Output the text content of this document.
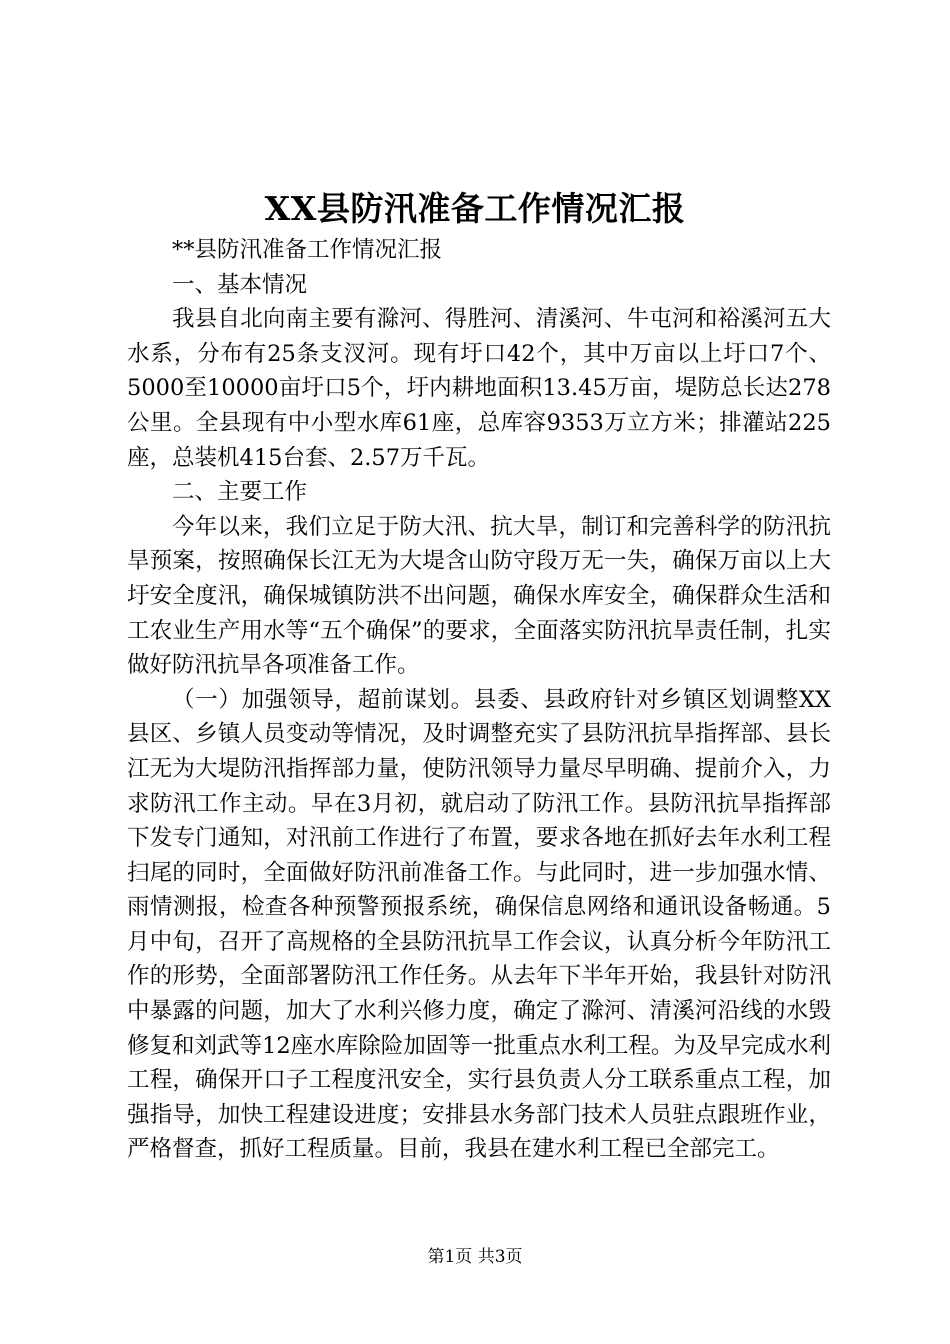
XX县防汛准备工作情况汇报

**县防汛准备工作情况汇报

一、基本情况

我县自北向南主要有滁河、得胜河、清溪河、牛屯河和裕溪河五大水系，分布有25条支汊河。现有圩口42个，其中万亩以上圩口7个、5000至10000亩圩口5个，圩内耕地面积13.45万亩，堤防总长达278公里。全县现有中小型水库61座，总库容9353万立方米；排灌站225座，总装机415台套、2.57万千瓦。

二、主要工作

今年以来，我们立足于防大汛、抗大旱，制订和完善科学的防汛抗旱预案，按照确保长江无为大堤含山防守段万无一失，确保万亩以上大圩安全度汛，确保城镇防洪不出问题，确保水库安全，确保群众生活和工农业生产用水等“五个确保”的要求，全面落实防汛抗旱责任制，扎实做好防汛抗旱各项准备工作。

（一）加强领导，超前谋划。县委、县政府针对乡镇区划调整XX县区、乡镇人员变动等情况，及时调整充实了县防汛抗旱指挥部、县长江无为大堤防汛指挥部力量，使防汛领导力量尽早明确、提前介入，力求防汛工作主动。早在3月初，就启动了防汛工作。县防汛抗旱指挥部下发专门通知，对汛前工作进行了布置，要求各地在抓好去年水利工程扫尾的同时，全面做好防汛前准备工作。与此同时，进一步加强水情、雨情测报，检查各种预警预报系统，确保信息网络和通讯设备畅通。5月中旬，召开了高规格的全县防汛抗旱工作会议，认真分析今年防汛工作的形势，全面部署防汛工作任务。从去年下半年开始，我县针对防汛中暴露的问题，加大了水利兴修力度，确定了滁河、清溪河沿线的水毁修复和刘武等12座水库除险加固等一批重点水利工程。为及早完成水利工程，确保开口子工程度汛安全，实行县负责人分工联系重点工程，加强指导，加快工程建设进度；安排县水务部门技术人员驻点跟班作业，严格督查，抓好工程质量。目前，我县在建水利工程已全部完工。

第1页 共3页
